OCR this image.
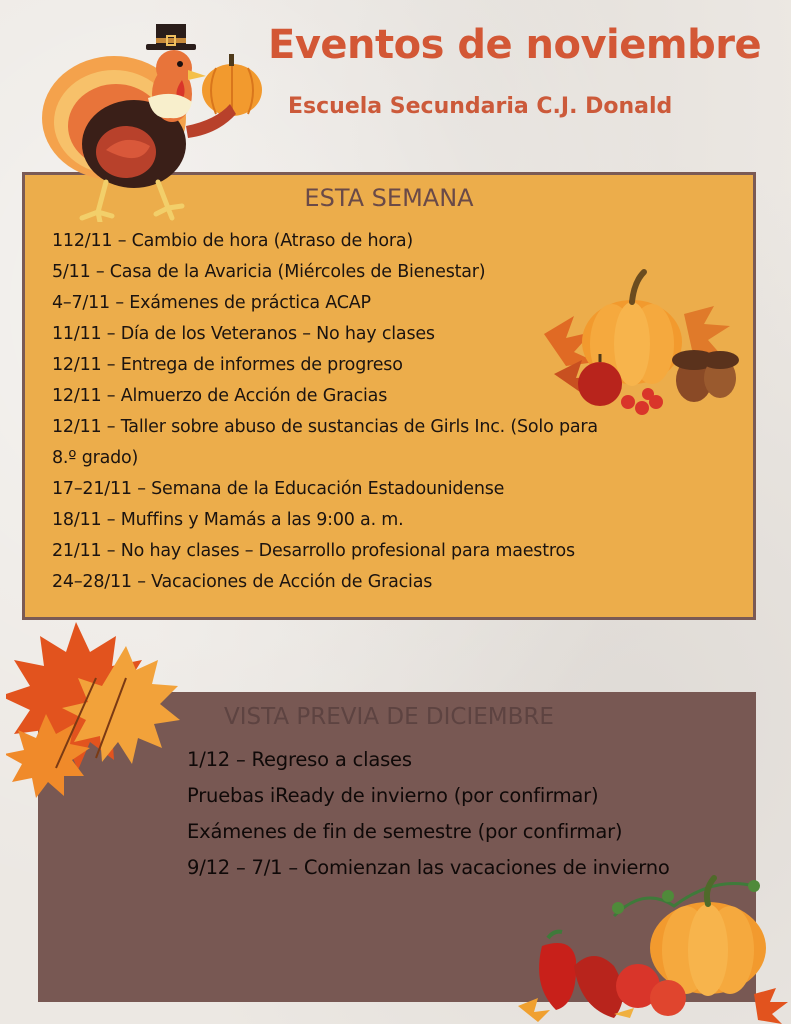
Eventos de noviembre
Escuela Secundaria C.J. Donald
ESTA SEMANA
112/11 – Cambio de hora (Atraso de hora)
5/11 – Casa de la Avaricia (Miércoles de Bienestar)
4–7/11 – Exámenes de práctica ACAP
11/11 – Día de los Veteranos – No hay clases
12/11 – Entrega de informes de progreso
12/11 – Almuerzo de Acción de Gracias
12/11 – Taller sobre abuso de sustancias de Girls Inc. (Solo para
8.º grado)
17–21/11 – Semana de la Educación Estadounidense
18/11 – Muffins y Mamás a las 9:00 a. m.
21/11 – No hay clases – Desarrollo profesional para maestros
24–28/11 – Vacaciones de Acción de Gracias
VISTA PREVIA DE DICIEMBRE
1/12 – Regreso a clases
Pruebas iReady de invierno (por confirmar)
Exámenes de fin de semestre (por confirmar)
9/12 – 7/1 – Comienzan las vacaciones de invierno
